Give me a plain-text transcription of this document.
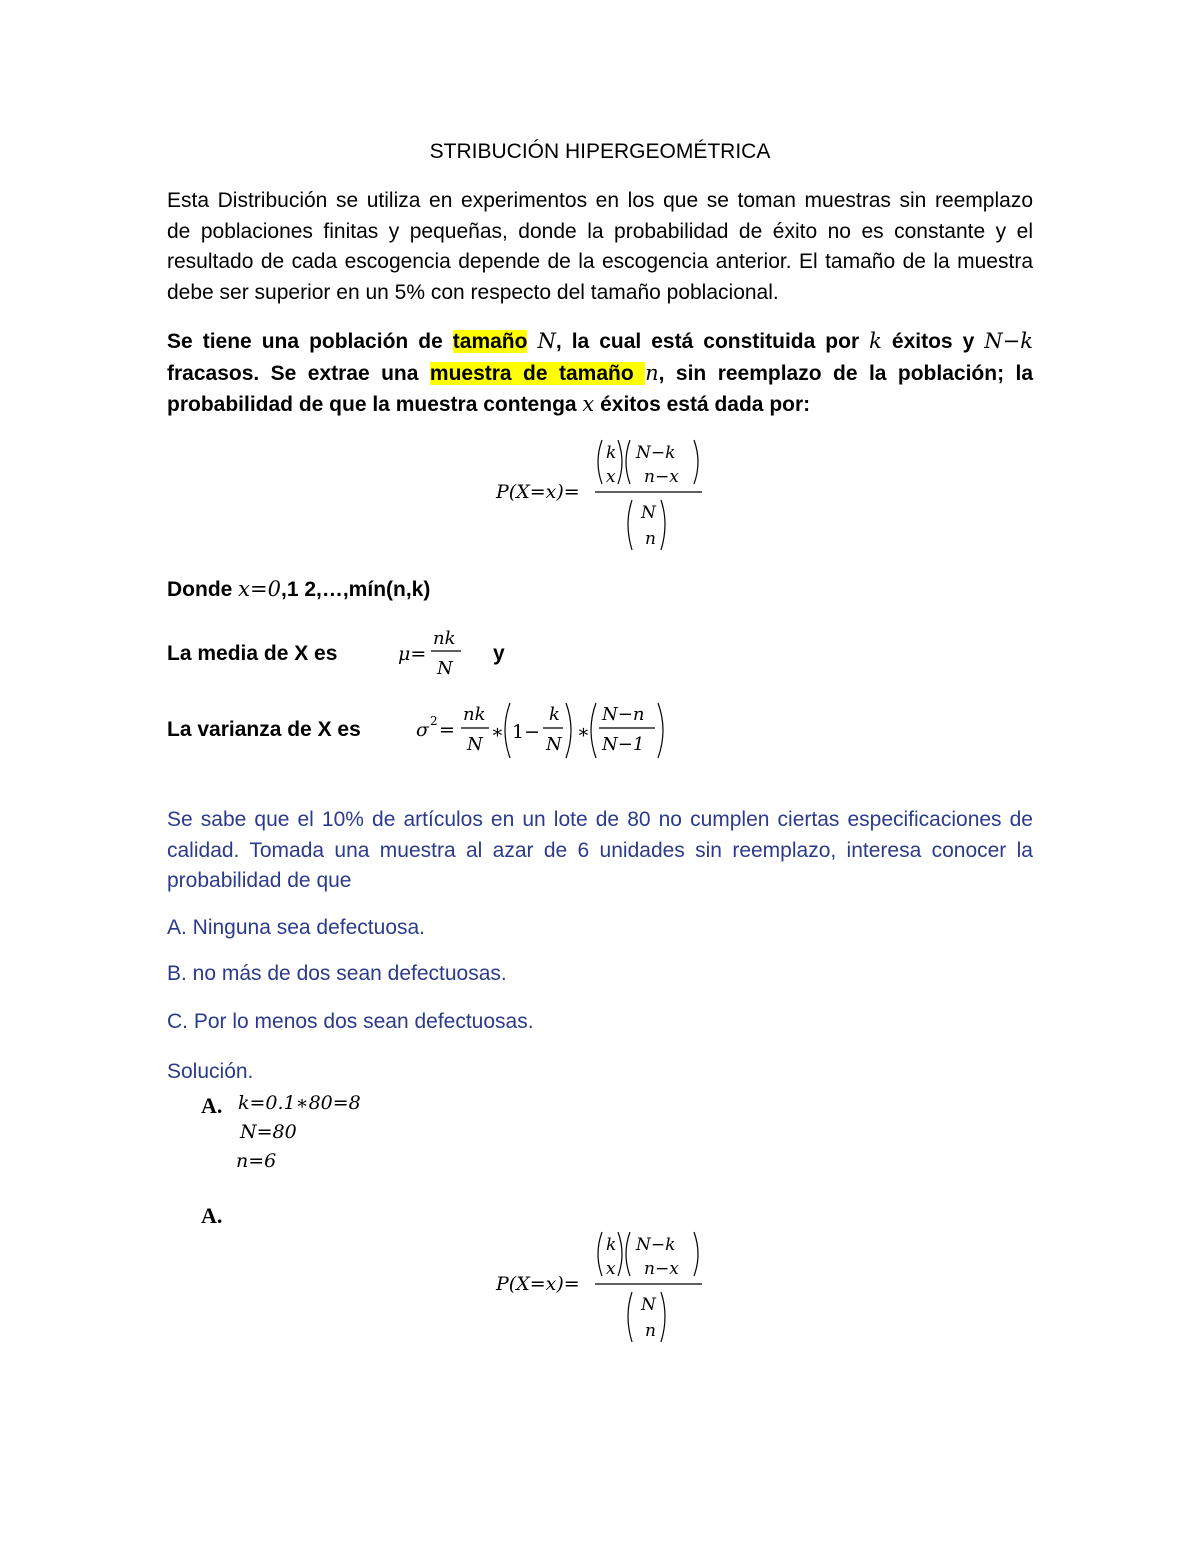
STRIBUCIÓN HIPERGEOMÉTRICA
Esta Distribución se utiliza en experimentos en los que se toman muestras sin reemplazo
de poblaciones finitas y pequeñas, donde la probabilidad de éxito no es constante y el
resultado de cada escogencia depende de la escogencia anterior. El tamaño de la muestra
debe ser superior en un 5% con respecto del tamaño poblacional.
Se tiene una población de tamaño N, la cual está constituida por k éxitos y N−k
fracasos. Se extrae una muestra de tamaño n, sin reemplazo de la población; la
probabilidad de que la muestra contenga x éxitos está dada por:
P(X=x)=
k
x
N−k
n−x
N
n
Donde x=0,1 2,…,mín(n,k)
La media de X es	μ=
nk
N
y
La varianza de X es	σ 2 =
nk
N
∗ 1−
k
N
∗
N−n
N−1
Se sabe que el 10% de artículos en un lote de 80 no cumplen ciertas especificaciones de
calidad. Tomada una muestra al azar de 6 unidades sin reemplazo, interesa conocer la
probabilidad de que
A. Ninguna sea defectuosa.
B. no más de dos sean defectuosas.
C. Por lo menos dos sean defectuosas.
Solución.
A. k=0.1∗80=8
N=80
n=6
A.
P(X=x)=
k
x
N−k
n−x
N
n
